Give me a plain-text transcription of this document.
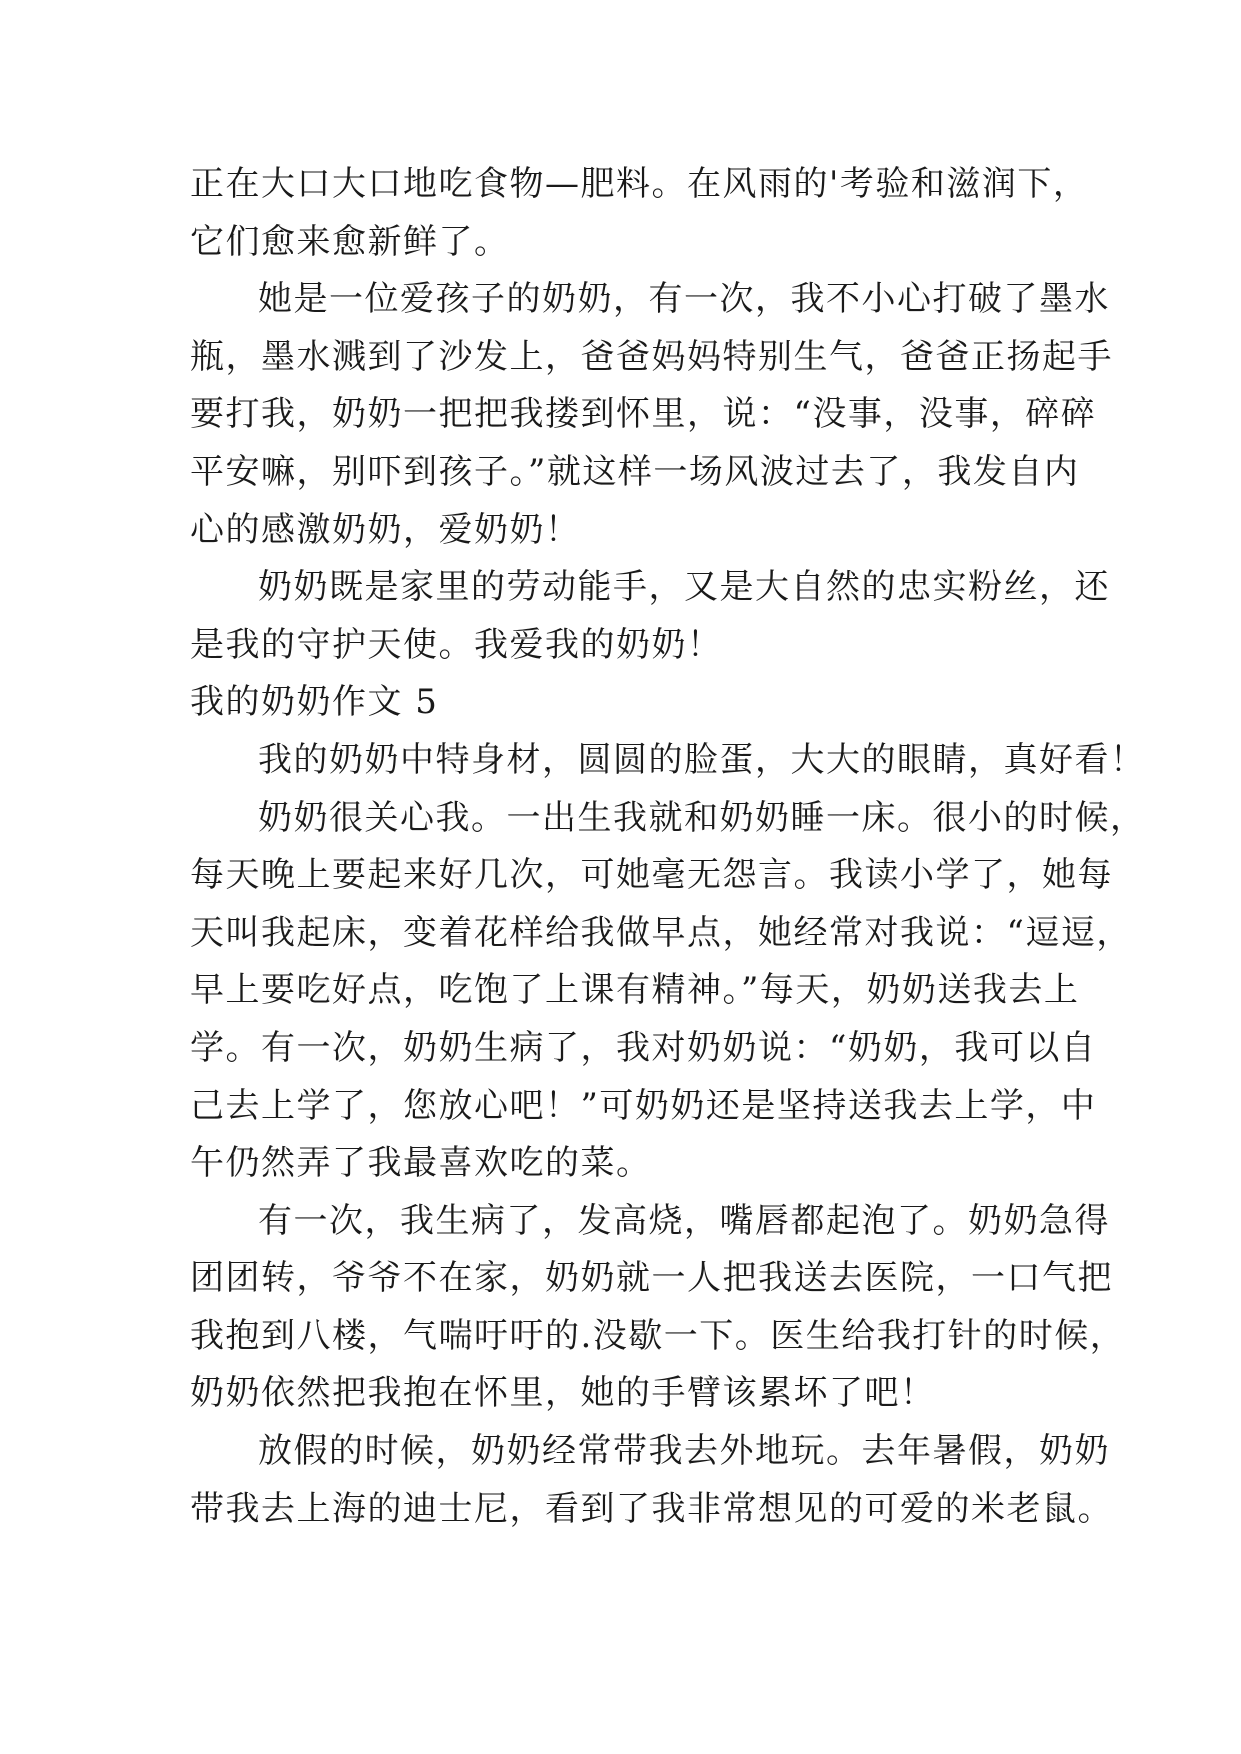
正在大口大口地吃食物—肥料。在风雨的'考验和滋润下，
它们愈来愈新鲜了。
她是一位爱孩子的奶奶，有一次，我不小心打破了墨水
瓶，墨水溅到了沙发上，爸爸妈妈特别生气，爸爸正扬起手
要打我，奶奶一把把我搂到怀里，说：“没事，没事，碎碎
平安嘛，别吓到孩子。”就这样一场风波过去了，我发自内
心的感激奶奶，爱奶奶！
奶奶既是家里的劳动能手，又是大自然的忠实粉丝，还
是我的守护天使。我爱我的奶奶！
我的奶奶作文 5
我的奶奶中特身材，圆圆的脸蛋，大大的眼睛，真好看！
奶奶很关心我。一出生我就和奶奶睡一床。很小的时候，
每天晚上要起来好几次，可她毫无怨言。我读小学了，她每
天叫我起床，变着花样给我做早点，她经常对我说：“逗逗，
早上要吃好点，吃饱了上课有精神。”每天，奶奶送我去上
学。有一次，奶奶生病了，我对奶奶说：“奶奶，我可以自
己去上学了，您放心吧！”可奶奶还是坚持送我去上学，中
午仍然弄了我最喜欢吃的菜。
有一次，我生病了，发高烧，嘴唇都起泡了。奶奶急得
团团转，爷爷不在家，奶奶就一人把我送去医院，一口气把
我抱到八楼，气喘吁吁的.没歇一下。医生给我打针的时候，
奶奶依然把我抱在怀里，她的手臂该累坏了吧！
放假的时候，奶奶经常带我去外地玩。去年暑假，奶奶
带我去上海的迪士尼，看到了我非常想见的可爱的米老鼠。
